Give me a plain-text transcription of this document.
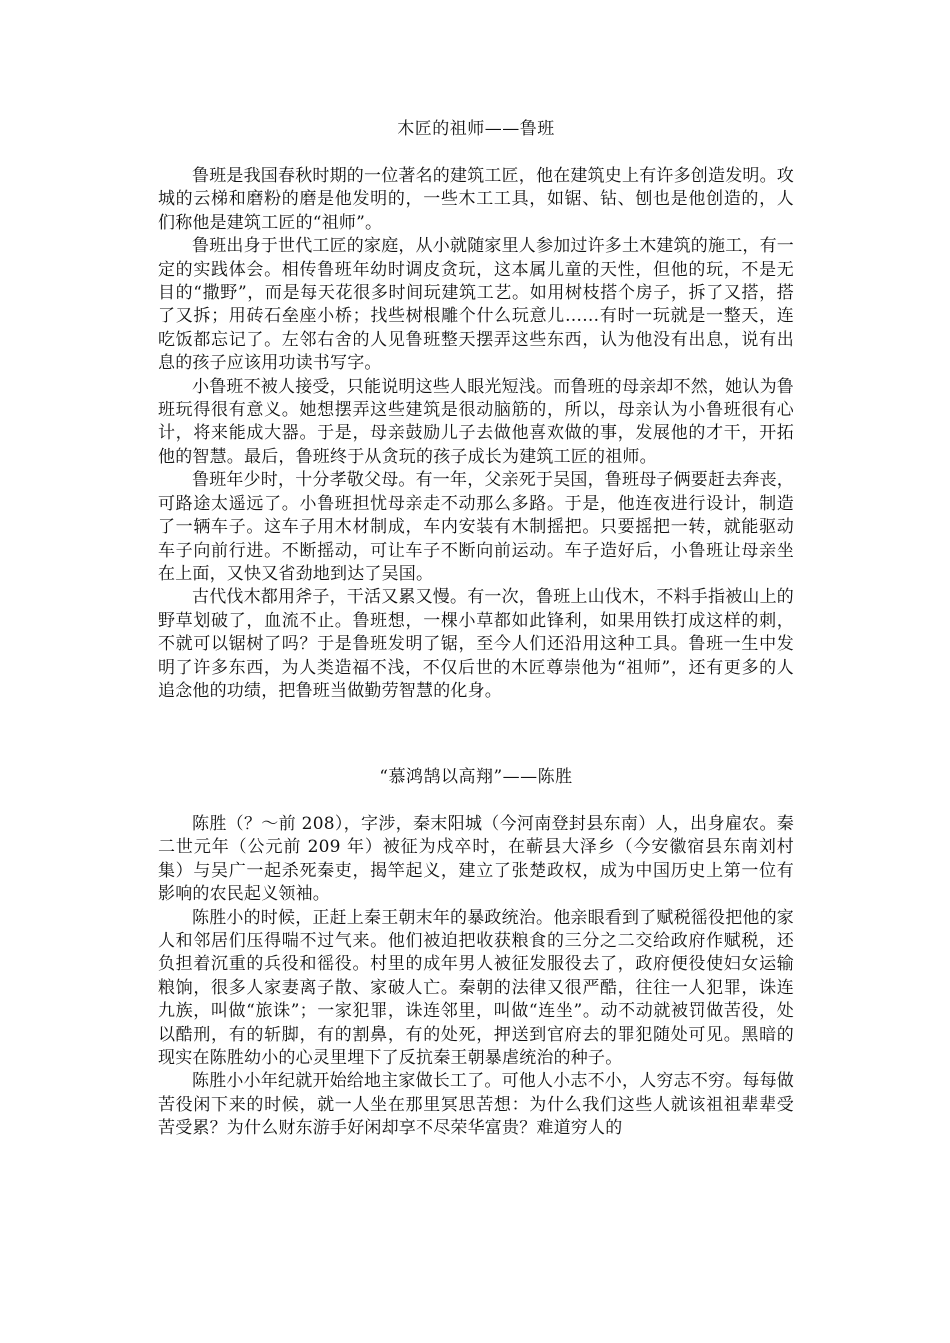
木匠的祖师——鲁班

鲁班是我国春秋时期的一位著名的建筑工匠，他在建筑史上有许多创造发明。攻城的云梯和磨粉的磨是他发明的，一些木工工具，如锯、钻、刨也是他创造的，人们称他是建筑工匠的“祖师”。

鲁班出身于世代工匠的家庭，从小就随家里人参加过许多土木建筑的施工，有一定的实践体会。相传鲁班年幼时调皮贪玩，这本属儿童的天性，但他的玩，不是无目的“撒野”，而是每天花很多时间玩建筑工艺。如用树枝搭个房子，拆了又搭，搭了又拆；用砖石垒座小桥；找些树根雕个什么玩意儿……有时一玩就是一整天，连吃饭都忘记了。左邻右舍的人见鲁班整天摆弄这些东西，认为他没有出息，说有出息的孩子应该用功读书写字。

小鲁班不被人接受，只能说明这些人眼光短浅。而鲁班的母亲却不然，她认为鲁班玩得很有意义。她想摆弄这些建筑是很动脑筋的，所以，母亲认为小鲁班很有心计，将来能成大器。于是，母亲鼓励儿子去做他喜欢做的事，发展他的才干，开拓他的智慧。最后，鲁班终于从贪玩的孩子成长为建筑工匠的祖师。

鲁班年少时，十分孝敬父母。有一年，父亲死于吴国，鲁班母子俩要赶去奔丧，可路途太遥远了。小鲁班担忧母亲走不动那么多路。于是，他连夜进行设计，制造了一辆车子。这车子用木材制成，车内安装有木制摇把。只要摇把一转，就能驱动车子向前行进。不断摇动，可让车子不断向前运动。车子造好后，小鲁班让母亲坐在上面，又快又省劲地到达了吴国。

古代伐木都用斧子，干活又累又慢。有一次，鲁班上山伐木，不料手指被山上的野草划破了，血流不止。鲁班想，一棵小草都如此锋利，如果用铁打成这样的刺，不就可以锯树了吗？于是鲁班发明了锯，至今人们还沿用这种工具。鲁班一生中发明了许多东西，为人类造福不浅，不仅后世的木匠尊崇他为“祖师”，还有更多的人追念他的功绩，把鲁班当做勤劳智慧的化身。

“慕鸿鹄以高翔”——陈胜

陈胜（？～前 208），字涉，秦末阳城（今河南登封县东南）人，出身雇农。秦二世元年（公元前 209 年）被征为戍卒时，在蕲县大泽乡（今安徽宿县东南刘村集）与吴广一起杀死秦吏，揭竿起义，建立了张楚政权，成为中国历史上第一位有影响的农民起义领袖。

陈胜小的时候，正赶上秦王朝末年的暴政统治。他亲眼看到了赋税徭役把他的家人和邻居们压得喘不过气来。他们被迫把收获粮食的三分之二交给政府作赋税，还负担着沉重的兵役和徭役。村里的成年男人被征发服役去了，政府便役使妇女运输粮饷，很多人家妻离子散、家破人亡。秦朝的法律又很严酷，往往一人犯罪，诛连九族，叫做“旅诛”；一家犯罪，诛连邻里，叫做“连坐”。动不动就被罚做苦役，处以酷刑，有的斩脚，有的割鼻，有的处死，押送到官府去的罪犯随处可见。黑暗的现实在陈胜幼小的心灵里埋下了反抗秦王朝暴虐统治的种子。

陈胜小小年纪就开始给地主家做长工了。可他人小志不小，人穷志不穷。每每做苦役闲下来的时候，就一人坐在那里冥思苦想：为什么我们这些人就该祖祖辈辈受苦受累？为什么财东游手好闲却享不尽荣华富贵？难道穷人的
